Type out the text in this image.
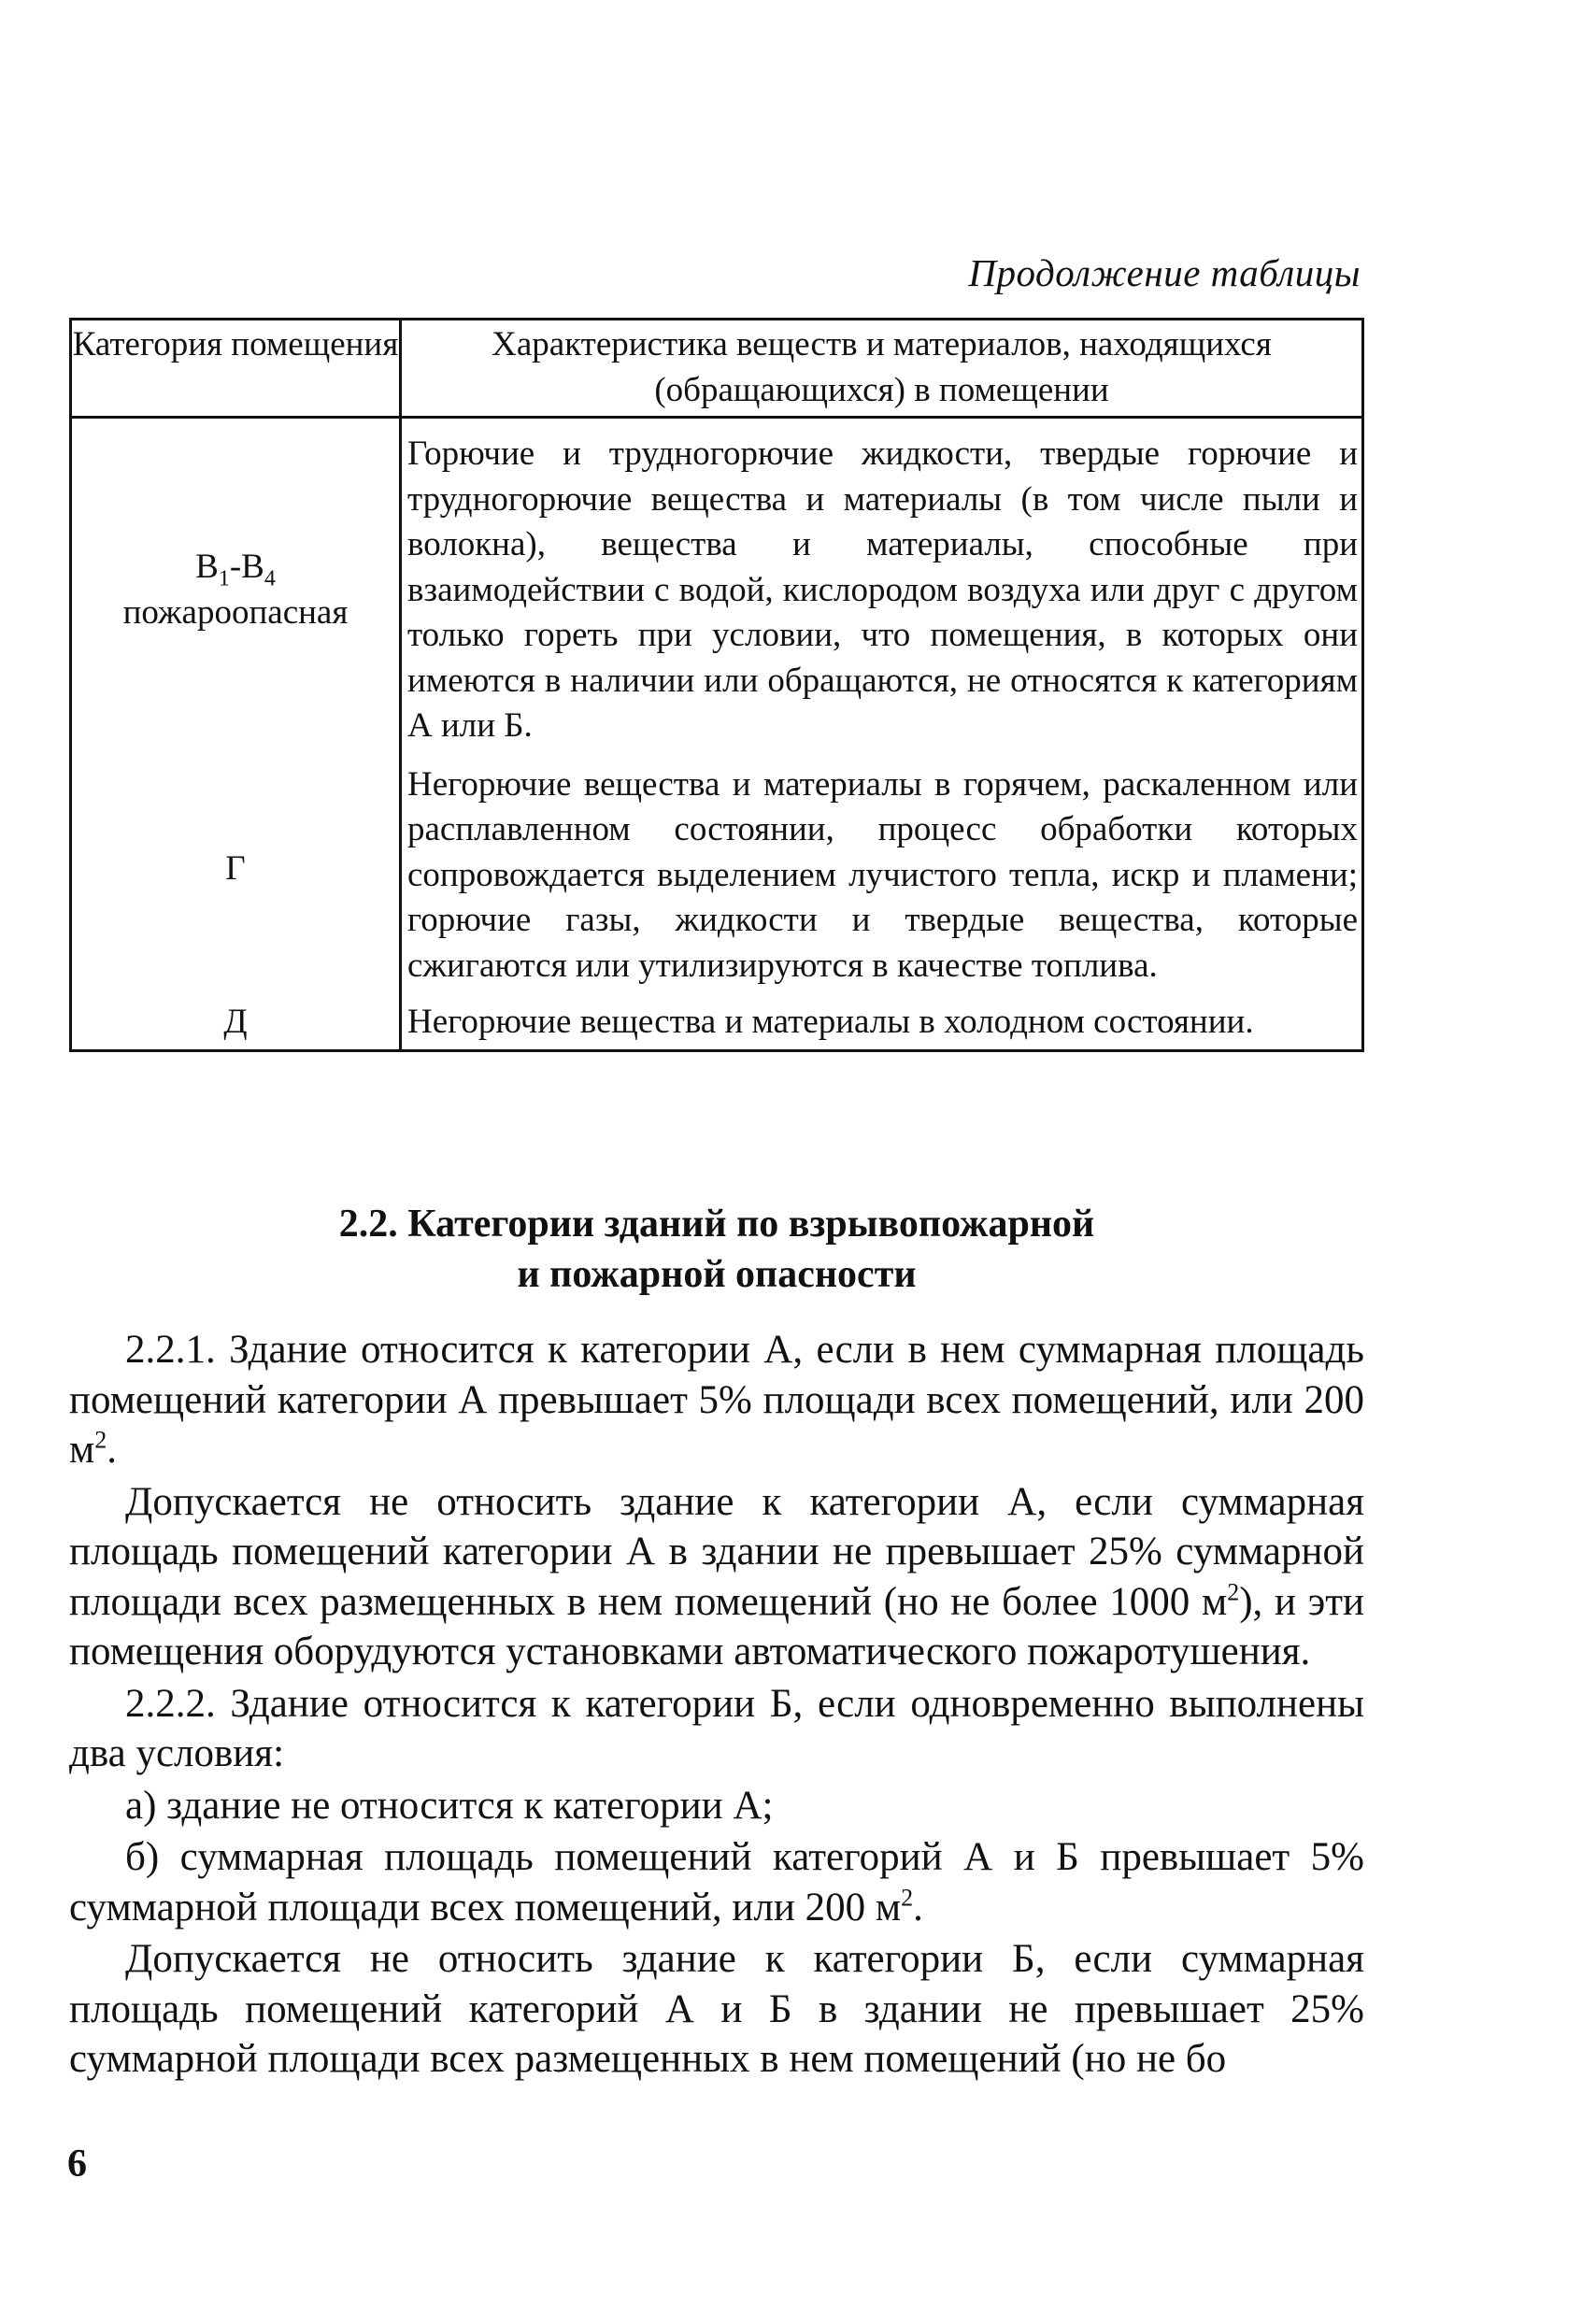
Продолжение таблицы
Категория помещения	Характеристика веществ и материалов, находящихся (обращающихся) в помещении
$В_1-В_4$
пожароопасная	Горючие и трудногорючие жидкости, твердые горючие и трудногорючие вещества и материалы (в том числе пыли и волокна), вещества и материалы, способные при взаимодействии с водой, кислородом воздуха или друг с другом только гореть при условии, что помещения, в которых они имеются в наличии или обращаются, не относятся к категориям А или Б.
Г	Негорючие вещества и материалы в горячем, раскаленном или расплавленном состоянии, процесс обработки которых сопровождается выделением лучистого тепла, искр и пламени; горючие газы, жидкости и твердые вещества, которые сжигаются или утилизируются в качестве топлива.
Д	Негорючие вещества и материалы в холодном состоянии.
2.2. Категории зданий по взрывопожарной
и пожарной опасности

2.2.1. Здание относится к категории А, если в нем суммарная площадь помещений категории А превышает 5% площади всех помещений, или 200 $м^2$.

Допускается не относить здание к категории А, если суммарная площадь помещений категории А в здании не превышает 25% суммарной площади всех размещенных в нем помещений (но не более 1000 $м^2$), и эти помещения оборудуются установками автоматического пожаротушения.

2.2.2. Здание относится к категории Б, если одновременно выполнены два условия:

а) здание не относится к категории А;

б) суммарная площадь помещений категорий А и Б превышает 5% суммарной площади всех помещений, или 200 $м^2$.

Допускается не относить здание к категории Б, если суммарная площадь помещений категорий А и Б в здании не превышает 25% суммарной площади всех размещенных в нем помещений (но не бо

6
